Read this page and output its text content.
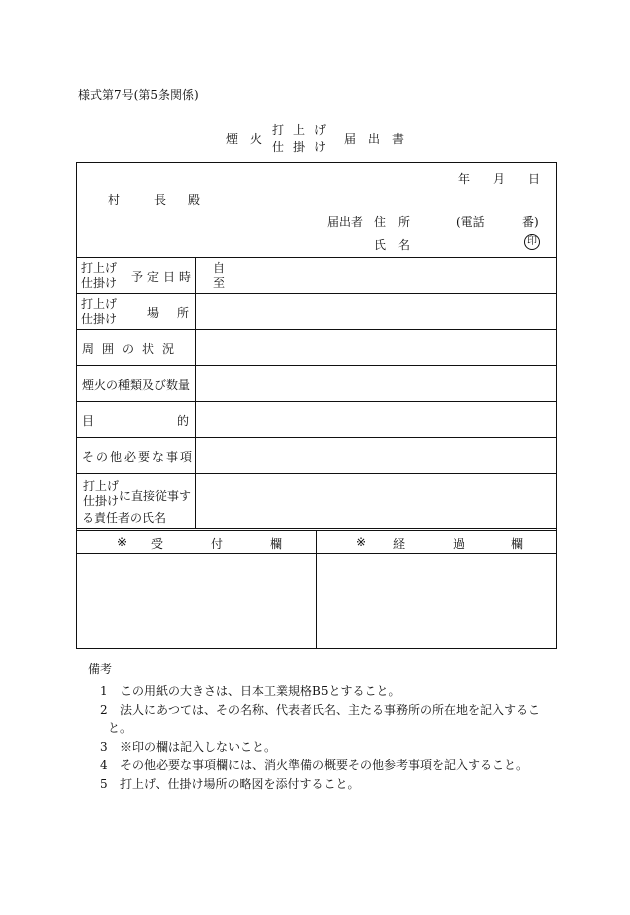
様式第7号(第5条関係)
煙火
打上げ
仕掛け
届出書
年 月 日
村	長 殿
届出者 住 所	(電話	番)
氏 名	印
打上げ
仕掛け	予定日時
自
至
打上げ
仕掛け	場 所
周囲の状況
煙火の種類及び数量
目	的
その他必要な事項
打上げ
仕掛け に直接従事す
る責任者の氏名
※ 受	付	欄	※ 経	過	欄
備考
1 この用紙の大きさは、日本工業規格B5とすること。
2 法人にあつては、その名称、代表者氏名、主たる事務所の所在地を記入するこ
と。
3 ※印の欄は記入しないこと。
4 その他必要な事項欄には、消火準備の概要その他参考事項を記入すること。
5 打上げ、仕掛け場所の略図を添付すること。
